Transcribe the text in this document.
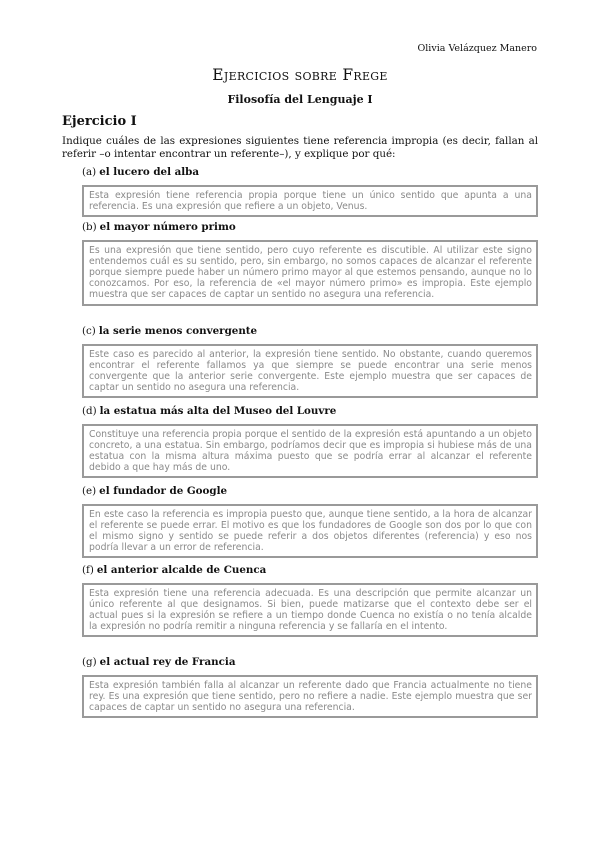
Olivia Velázquez Manero
Ejercicios sobre Frege
Filosofía del Lenguaje I
Ejercicio I
Indique cuáles de las expresiones siguientes tiene referencia impropia (es decir, fallan al referir –o intentar encontrar un referente–), y explique por qué:
(a) el lucero del alba
Esta expresión tiene referencia propia porque tiene un único sentido que apunta a una referencia. Es una expresión que refiere a un objeto, Venus.
(b) el mayor número primo
Es una expresión que tiene sentido, pero cuyo referente es discutible. Al utilizar este signo entendemos cuál es su sentido, pero, sin embargo, no somos capaces de alcanzar el referente porque siempre puede haber un número primo mayor al que estemos pensando, aunque no lo conozcamos. Por eso, la referencia de «el mayor número primo» es impropia. Este ejemplo muestra que ser capaces de captar un sentido no asegura una referencia.
(c) la serie menos convergente
Este caso es parecido al anterior, la expresión tiene sentido. No obstante, cuando queremos encontrar el referente fallamos ya que siempre se puede encontrar una serie menos convergente que la anterior serie convergente. Este ejemplo muestra que ser capaces de captar un sentido no asegura una referencia.
(d) la estatua más alta del Museo del Louvre
Constituye una referencia propia porque el sentido de la expresión está apuntando a un objeto concreto, a una estatua. Sin embargo, podríamos decir que es impropia si hubiese más de una estatua con la misma altura máxima puesto que se podría errar al alcanzar el referente debido a que hay más de uno.
(e) el fundador de Google
En este caso la referencia es impropia puesto que, aunque tiene sentido, a la hora de alcanzar el referente se puede errar. El motivo es que los fundadores de Google son dos por lo que con el mismo signo y sentido se puede referir a dos objetos diferentes (referencia) y eso nos podría llevar a un error de referencia.
(f) el anterior alcalde de Cuenca
Esta expresión tiene una referencia adecuada. Es una descripción que permite alcanzar un único referente al que designamos. Si bien, puede matizarse que el contexto debe ser el actual pues si la expresión se refiere a un tiempo donde Cuenca no existía o no tenía alcalde la expresión no podría remitir a ninguna referencia y se fallaría en el intento.
(g) el actual rey de Francia
Esta expresión también falla al alcanzar un referente dado que Francia actualmente no tiene rey. Es una expresión que tiene sentido, pero no refiere a nadie. Este ejemplo muestra que ser capaces de captar un sentido no asegura una referencia.
